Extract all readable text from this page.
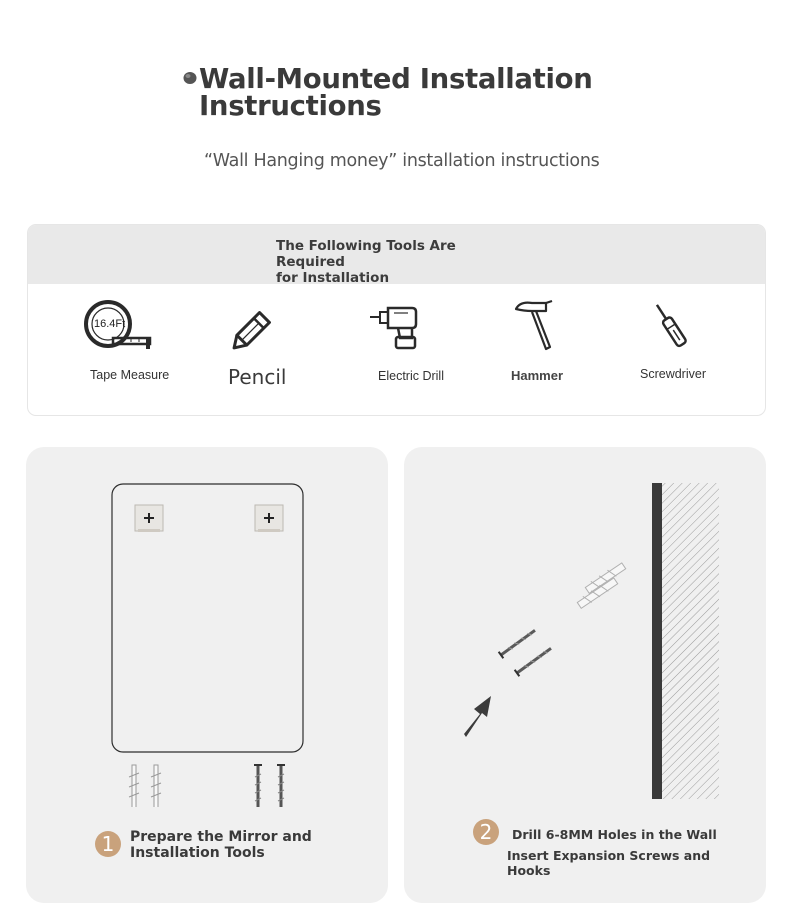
Wall-Mounted Installation
Instructions
“Wall Hanging money” installation instructions
The Following Tools Are Required
for Installation
16.4Ft
Tape Measure	Pencil	Electric Drill	Hammer	Screwdriver
1	Prepare the Mirror and
Installation Tools
2	Drill 6-8MM Holes in the Wall
Insert Expansion Screws and
Hooks
